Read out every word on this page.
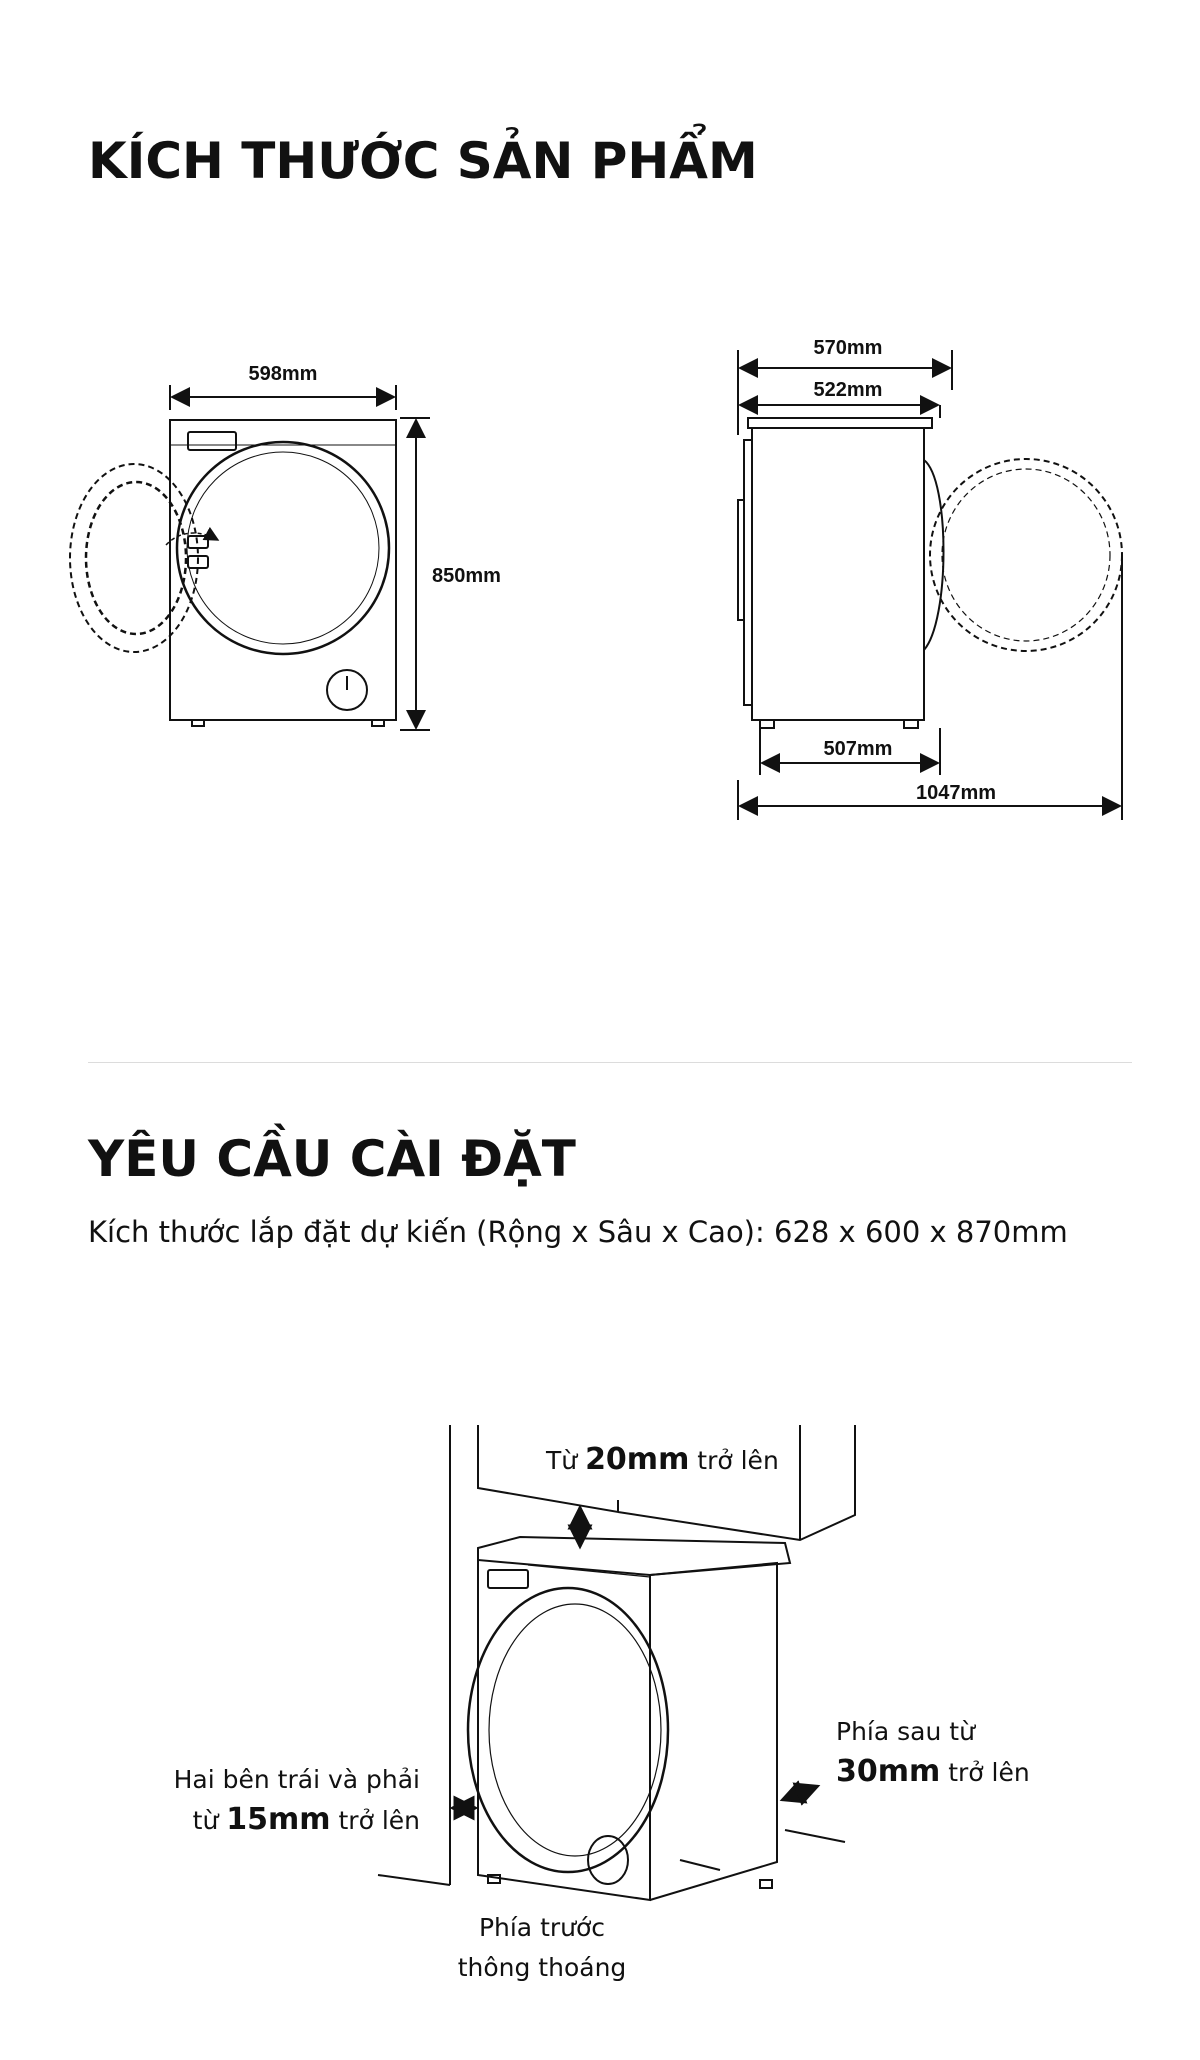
KÍCH THƯỚC SẢN PHẨM
598mm
850mm
570mm
522mm
507mm
1047mm
YÊU CẦU CÀI ĐẶT
Kích thước lắp đặt dự kiến (Rộng x Sâu x Cao): 628 x 600 x 870mm
Từ 20mm trở lên
Hai bên trái và phải
từ 15mm trở lên
Phía sau từ
30mm trở lên
Phía trước
thông thoáng
